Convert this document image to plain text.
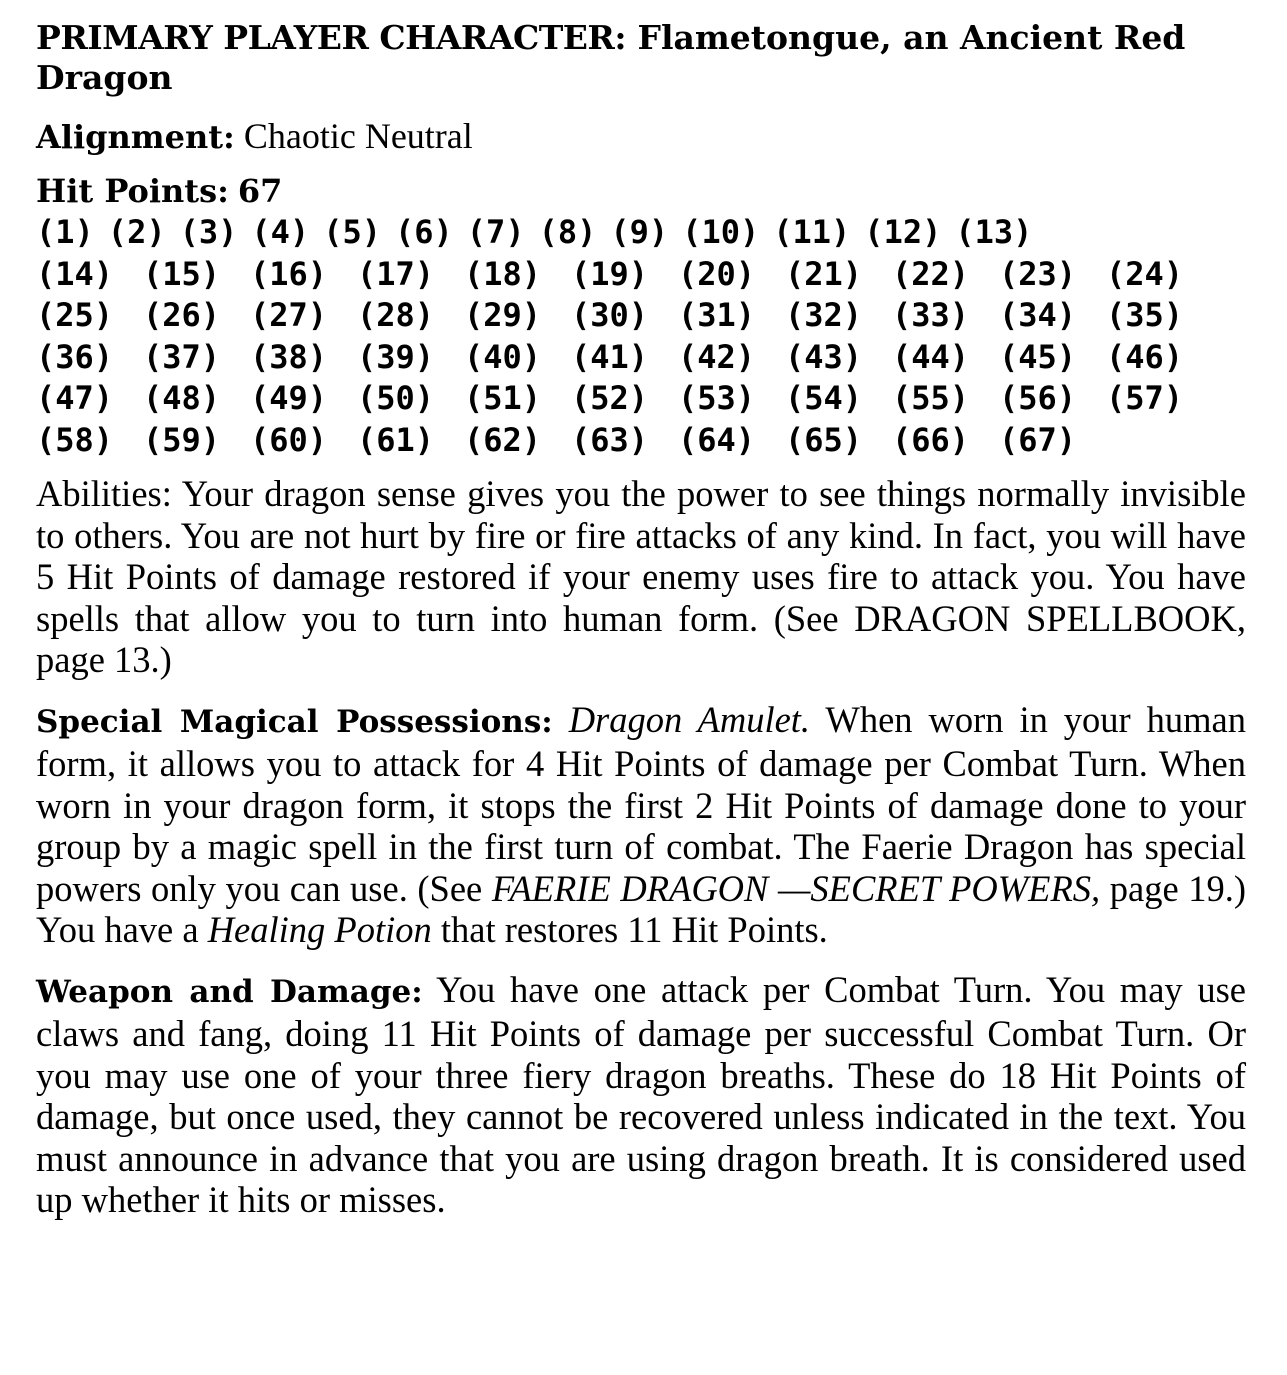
PRIMARY PLAYER CHARACTER: Flametongue, an Ancient Red Dragon
Alignment: Chaotic Neutral
Hit Points: 67
(1) (2) (3) (4) (5) (6) (7) (8) (9) (10) (11) (12) (13)
(14) (15) (16) (17) (18) (19) (20) (21) (22) (23) (24)
(25) (26) (27) (28) (29) (30) (31) (32) (33) (34) (35)
(36) (37) (38) (39) (40) (41) (42) (43) (44) (45) (46)
(47) (48) (49) (50) (51) (52) (53) (54) (55) (56) (57)
(58) (59) (60) (61) (62) (63) (64) (65) (66) (67)

Abilities: Your dragon sense gives you the power to see things normally invisible to others. You are not hurt by fire or fire attacks of any kind. In fact, you will have 5 Hit Points of damage restored if your enemy uses fire to attack you. You have spells that allow you to turn into human form. (See DRAGON SPELLBOOK, page 13.)

Special Magical Possessions: Dragon Amulet. When worn in your human form, it allows you to attack for 4 Hit Points of damage per Combat Turn. When worn in your dragon form, it stops the first 2 Hit Points of damage done to your group by a magic spell in the first turn of combat. The Faerie Dragon has special powers only you can use. (See FAERIE DRAGON —SECRET POWERS, page 19.) You have a Healing Potion that restores 11 Hit Points.

Weapon and Damage: You have one attack per Combat Turn. You may use claws and fang, doing 11 Hit Points of damage per successful Combat Turn. Or you may use one of your three fiery dragon breaths. These do 18 Hit Points of damage, but once used, they cannot be recovered unless indicated in the text. You must announce in advance that you are using dragon breath. It is considered used up whether it hits or misses.
